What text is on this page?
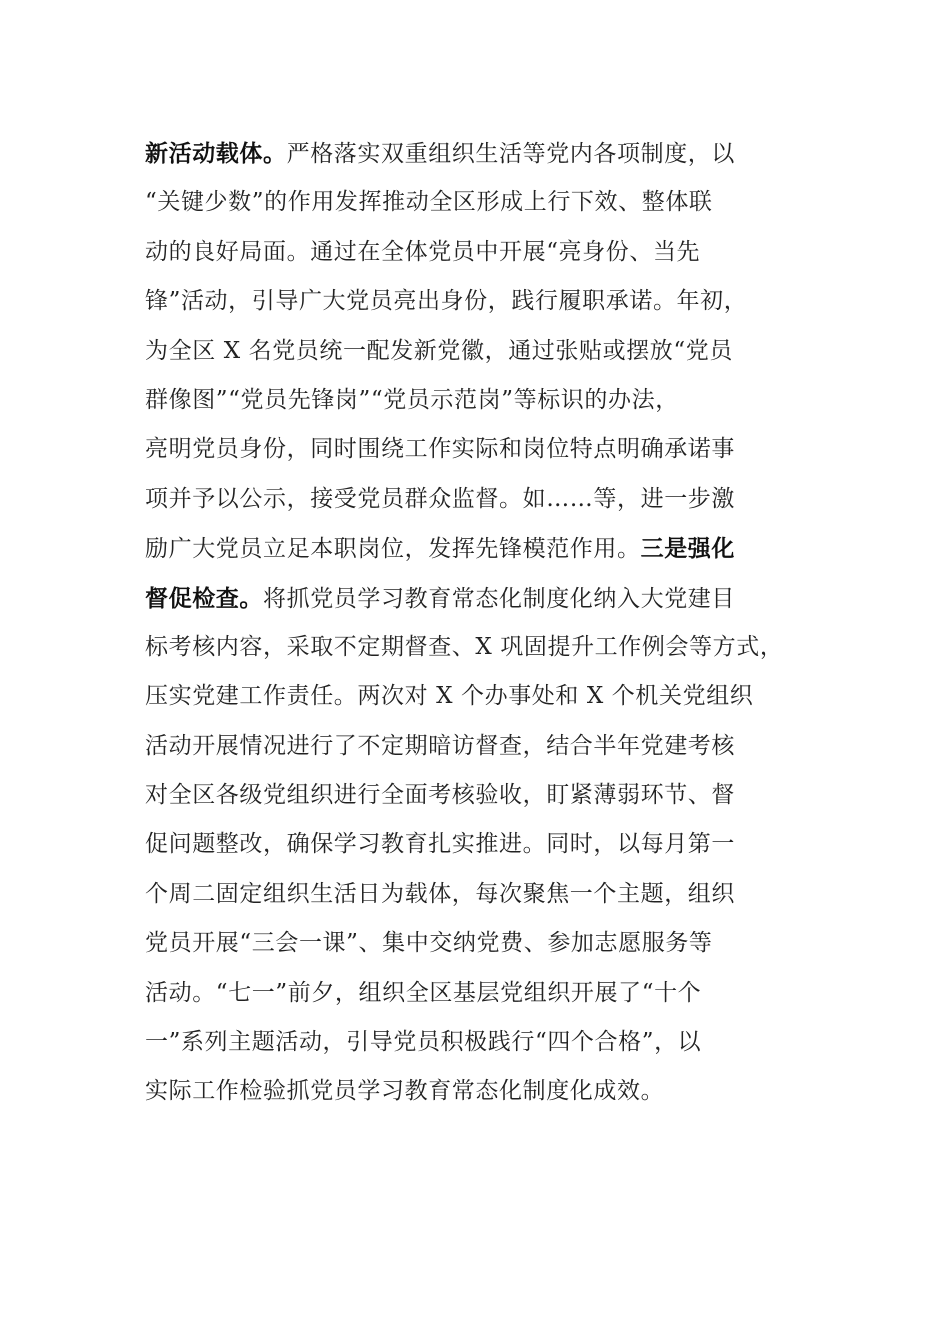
新活动载体。严格落实双重组织生活等党内各项制度，以
“关键少数”的作用发挥推动全区形成上行下效、整体联
动的良好局面。通过在全体党员中开展“亮身份、当先
锋”活动，引导广大党员亮出身份，践行履职承诺。年初，
为全区 X 名党员统一配发新党徽，通过张贴或摆放“党员
群像图”“党员先锋岗”“党员示范岗”等标识的办法，
亮明党员身份，同时围绕工作实际和岗位特点明确承诺事
项并予以公示，接受党员群众监督。如……等，进一步激
励广大党员立足本职岗位，发挥先锋模范作用。三是强化
督促检查。将抓党员学习教育常态化制度化纳入大党建目
标考核内容，采取不定期督查、X 巩固提升工作例会等方式，
压实党建工作责任。两次对 X 个办事处和 X 个机关党组织
活动开展情况进行了不定期暗访督查，结合半年党建考核
对全区各级党组织进行全面考核验收，盯紧薄弱环节、督
促问题整改，确保学习教育扎实推进。同时，以每月第一
个周二固定组织生活日为载体，每次聚焦一个主题，组织
党员开展“三会一课”、集中交纳党费、参加志愿服务等
活动。“七一”前夕，组织全区基层党组织开展了“十个
一”系列主题活动，引导党员积极践行“四个合格”，以
实际工作检验抓党员学习教育常态化制度化成效。
